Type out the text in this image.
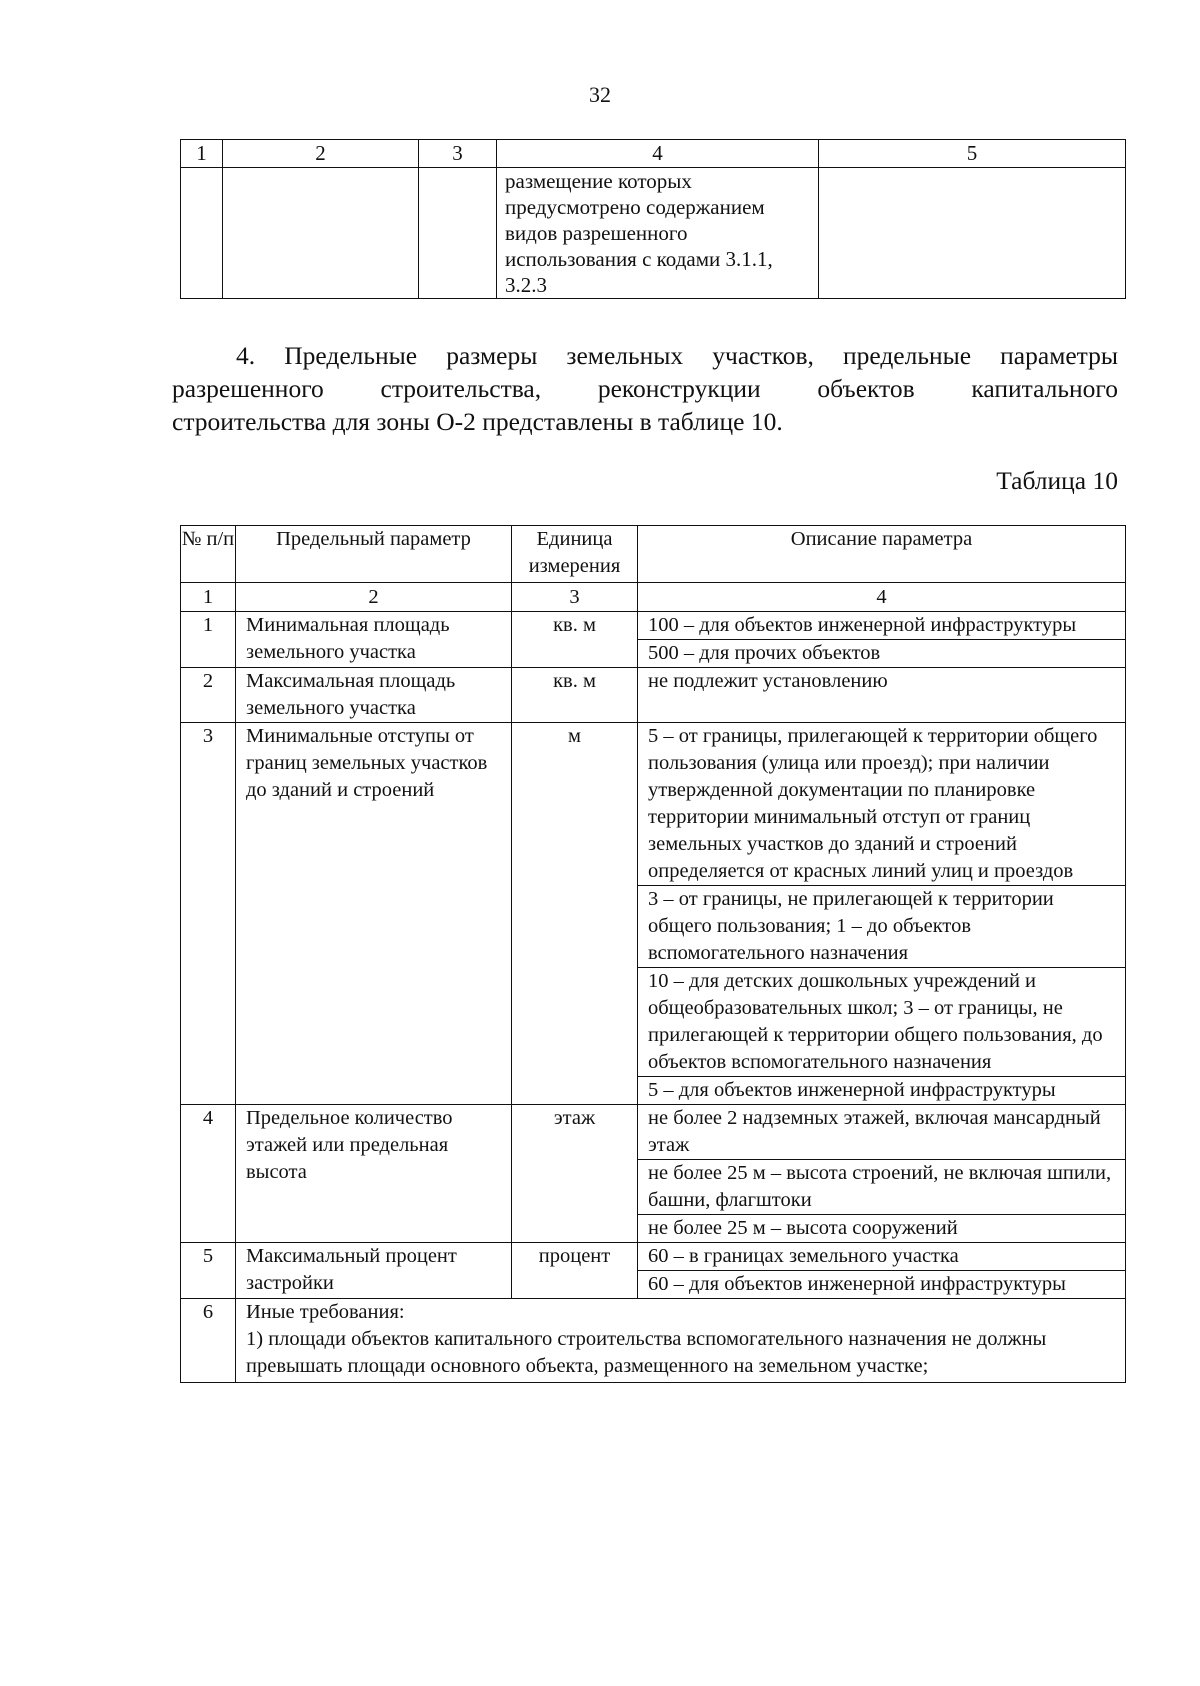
32
1	2	3	4	5

			размещение которых предусмотрено содержанием видов разрешенного использования с кодами 3.1.1, 3.2.3	

4. Предельные размеры земельных участков, предельные параметры разрешенного строительства, реконструкции объектов капитального

строительства для зоны О-2 представлены в таблице 10.

Таблица 10
№ п/п	Предельный параметр	Единица измерения	Описание параметра
1	2	3	4
1	Минимальная площадь земельного участка	кв. м	100 – для объектов инженерной инфраструктуры
			500 – для прочих объектов
2	Максимальная площадь земельного участка	кв. м	не подлежит установлению
3	Минимальные отступы от границ земельных участков до зданий и строений	м	5 – от границы, прилегающей к территории общего пользования (улица или проезд); при наличии утвержденной документации по планировке территории минимальный отступ от границ земельных участков до зданий и строений определяется от красных линий улиц и проездов
			3 – от границы, не прилегающей к территории общего пользования; 1 – до объектов вспомогательного назначения
			10 – для детских дошкольных учреждений и общеобразовательных школ; 3 – от границы, не прилегающей к территории общего пользования, до объектов вспомогательного назначения
			5 – для объектов инженерной инфраструктуры
4	Предельное количество этажей или предельная высота	этаж	не более 2 надземных этажей, включая мансардный этаж
			не более 25 м – высота строений, не включая шпили, башни, флагштоки
			не более 25 м – высота сооружений
5	Максимальный процент застройки	процент	60 – в границах земельного участка
			60 – для объектов инженерной инфраструктуры
6	Иные требования:
1) площади объектов капитального строительства вспомогательного назначения не должны превышать площади основного объекта, размещенного на земельном участке;		
